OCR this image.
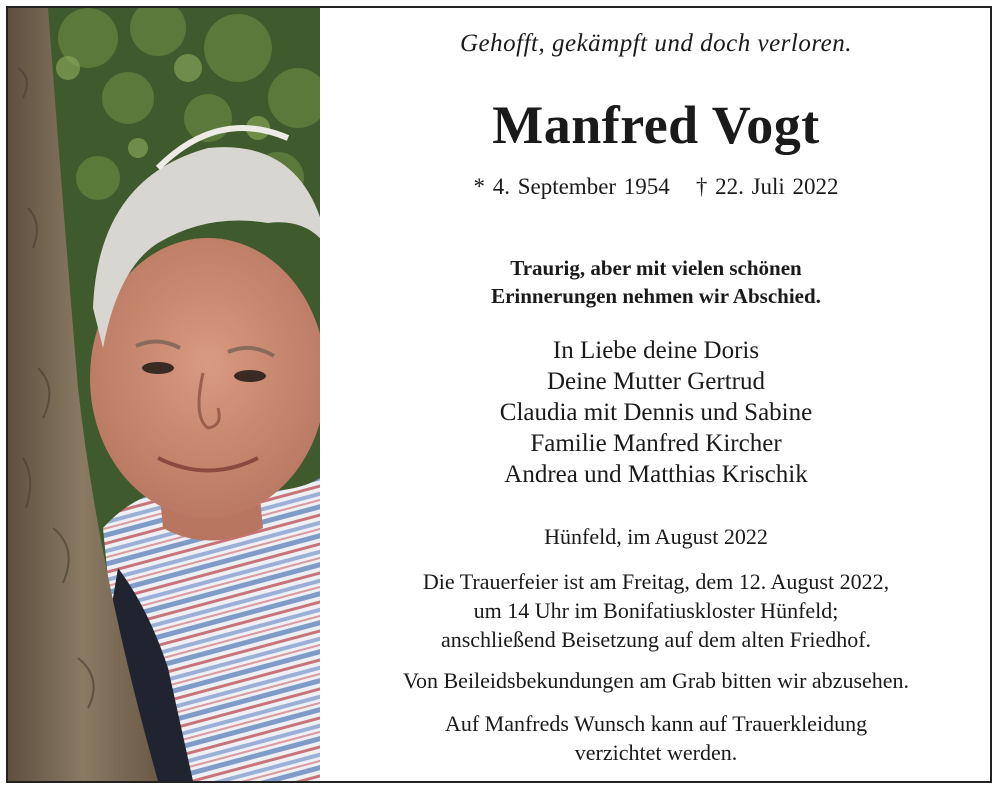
Gehofft, gekämpft und doch verloren.
Manfred Vogt
* 4. September 1954 † 22. Juli 2022
Traurig, aber mit vielen schönen
Erinnerungen nehmen wir Abschied.
In Liebe deine Doris
Deine Mutter Gertrud
Claudia mit Dennis und Sabine
Familie Manfred Kircher
Andrea und Matthias Krischik
Hünfeld, im August 2022
Die Trauerfeier ist am Freitag, dem 12. August 2022,
um 14 Uhr im Bonifatiuskloster Hünfeld;
anschließend Beisetzung auf dem alten Friedhof.
Von Beileidsbekundungen am Grab bitten wir abzusehen.
Auf Manfreds Wunsch kann auf Trauerkleidung
verzichtet werden.
